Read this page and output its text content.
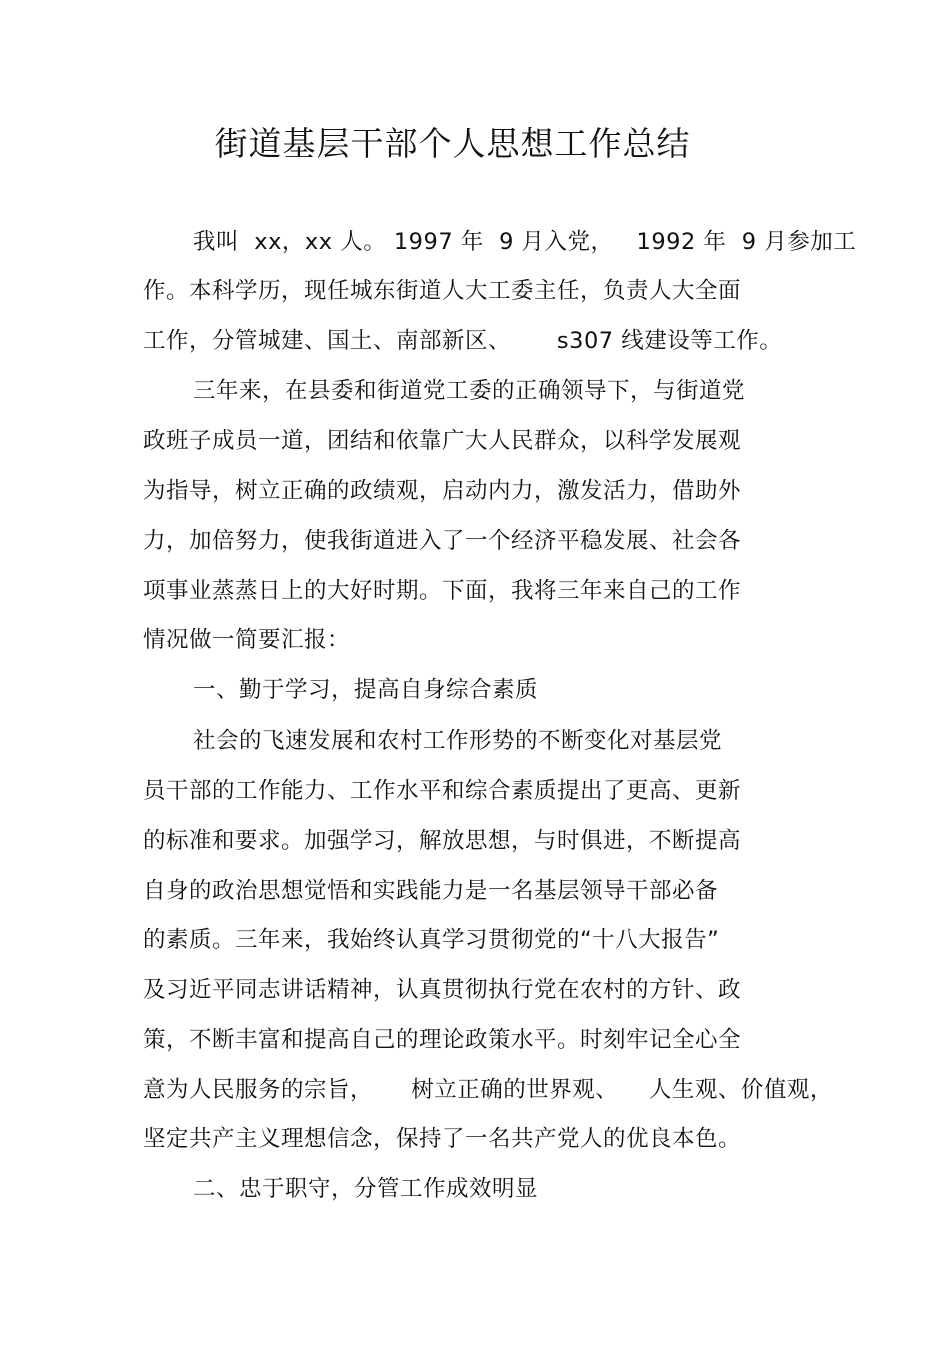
街道基层干部个人思想工作总结
我叫  xx，xx 人。 1997 年  9 月入党，   1992 年  9 月参加工
作。本科学历，现任城东街道人大工委主任，负责人大全面
工作，分管城建、国土、南部新区、      s307 线建设等工作。
三年来，在县委和街道党工委的正确领导下，与街道党
政班子成员一道，团结和依靠广大人民群众，以科学发展观
为指导，树立正确的政绩观，启动内力，激发活力，借助外
力，加倍努力，使我街道进入了一个经济平稳发展、社会各
项事业蒸蒸日上的大好时期。下面，我将三年来自己的工作
情况做一简要汇报：
一、勤于学习，提高自身综合素质
社会的飞速发展和农村工作形势的不断变化对基层党
员干部的工作能力、工作水平和综合素质提出了更高、更新
的标准和要求。加强学习，解放思想，与时俱进，不断提高
自身的政治思想觉悟和实践能力是一名基层领导干部必备
的素质。三年来，我始终认真学习贯彻党的“十八大报告”
及习近平同志讲话精神，认真贯彻执行党在农村的方针、政
策，不断丰富和提高自己的理论政策水平。时刻牢记全心全
意为人民服务的宗旨，     树立正确的世界观、    人生观、价值观，
坚定共产主义理想信念，保持了一名共产党人的优良本色。
二、忠于职守，分管工作成效明显
